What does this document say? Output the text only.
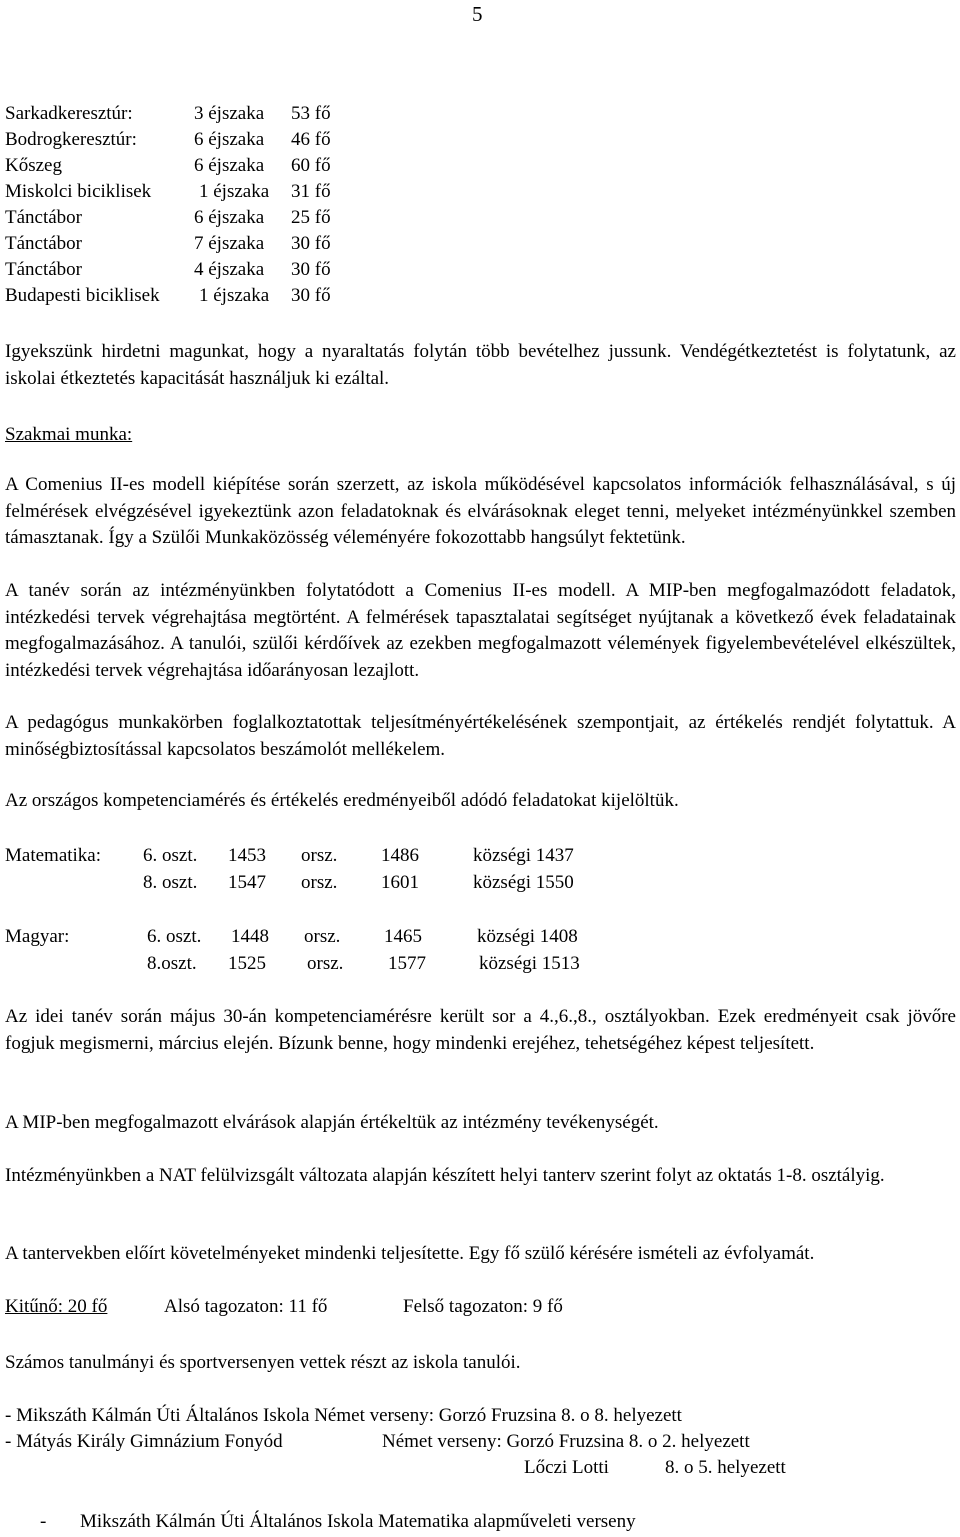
5
Sarkadkeresztúr:	3 éjszaka 53 fő
Bodrogkeresztúr:	6 éjszaka 46 fő
Kőszeg	6 éjszaka 60 fő
Miskolci biciklisek	1 éjszaka 31 fő
Tánctábor	6 éjszaka 25 fő
Tánctábor	7 éjszaka 30 fő
Tánctábor	4 éjszaka 30 fő
Budapesti biciklisek 1 éjszaka 30 fő
Igyekszünk hirdetni magunkat, hogy a nyaraltatás folytán több bevételhez jussunk. Vendégétkeztetést is folytatunk, az iskolai étkeztetés kapacitását használjuk ki ezáltal.
Szakmai munka:
A Comenius II-es modell kiépítése során szerzett, az iskola működésével kapcsolatos információk felhasználásával, s új felmérések elvégzésével igyekeztünk azon feladatoknak és elvárásoknak eleget tenni, melyeket intézményünkkel szemben támasztanak. Így a Szülői Munkaközösség véleményére fokozottabb hangsúlyt fektetünk.
A tanév során az intézményünkben folytatódott a Comenius II-es modell. A MIP-ben megfogalmazódott feladatok, intézkedési tervek végrehajtása megtörtént. A felmérések tapasztalatai segítséget nyújtanak a következő évek feladatainak megfogalmazásához. A tanulói, szülői kérdőívek az ezekben megfogalmazott vélemények figyelembevételével elkészültek, intézkedési tervek végrehajtása időarányosan lezajlott.
A pedagógus munkakörben foglalkoztatottak teljesítményértékelésének szempontjait, az értékelés rendjét folytattuk. A minőségbiztosítással kapcsolatos beszámolót mellékelem.
Az országos kompetenciamérés és értékelés eredményeiből adódó feladatokat kijelöltük.
Matematika: 6. oszt. 1453 orsz. 1486	községi 1437
8. oszt. 1547 orsz. 1601	községi 1550
Magyar:	6. oszt. 1448 orsz. 1465	községi 1408
8.oszt. 1525 orsz. 1577	községi 1513
Az idei tanév során május 30-án kompetenciamérésre került sor a 4.,6.,8., osztályokban. Ezek eredményeit csak jövőre fogjuk megismerni, március elején. Bízunk benne, hogy mindenki erejéhez, tehetségéhez képest teljesített.
A MIP-ben megfogalmazott elvárások alapján értékeltük az intézmény tevékenységét.
Intézményünkben a NAT felülvizsgált változata alapján készített helyi tanterv szerint folyt az oktatás 1-8. osztályig.
A tantervekben előírt követelményeket mindenki teljesítette. Egy fő szülő kérésére ismételi az évfolyamát.
Kitűnő: 20 fő	Alsó tagozaton: 11 fő	Felső tagozaton: 9 fő
Számos tanulmányi és sportversenyen vettek részt az iskola tanulói.
- Mikszáth Kálmán Úti Általános Iskola Német verseny: Gorzó Fruzsina 8. o 8. helyezett
- Mátyás Király Gimnázium Fonyód	Német verseny: Gorzó Fruzsina 8. o 2. helyezett
Lőczi Lotti	8. o 5. helyezett
- Mikszáth Kálmán Úti Általános Iskola Matematika alapműveleti verseny
